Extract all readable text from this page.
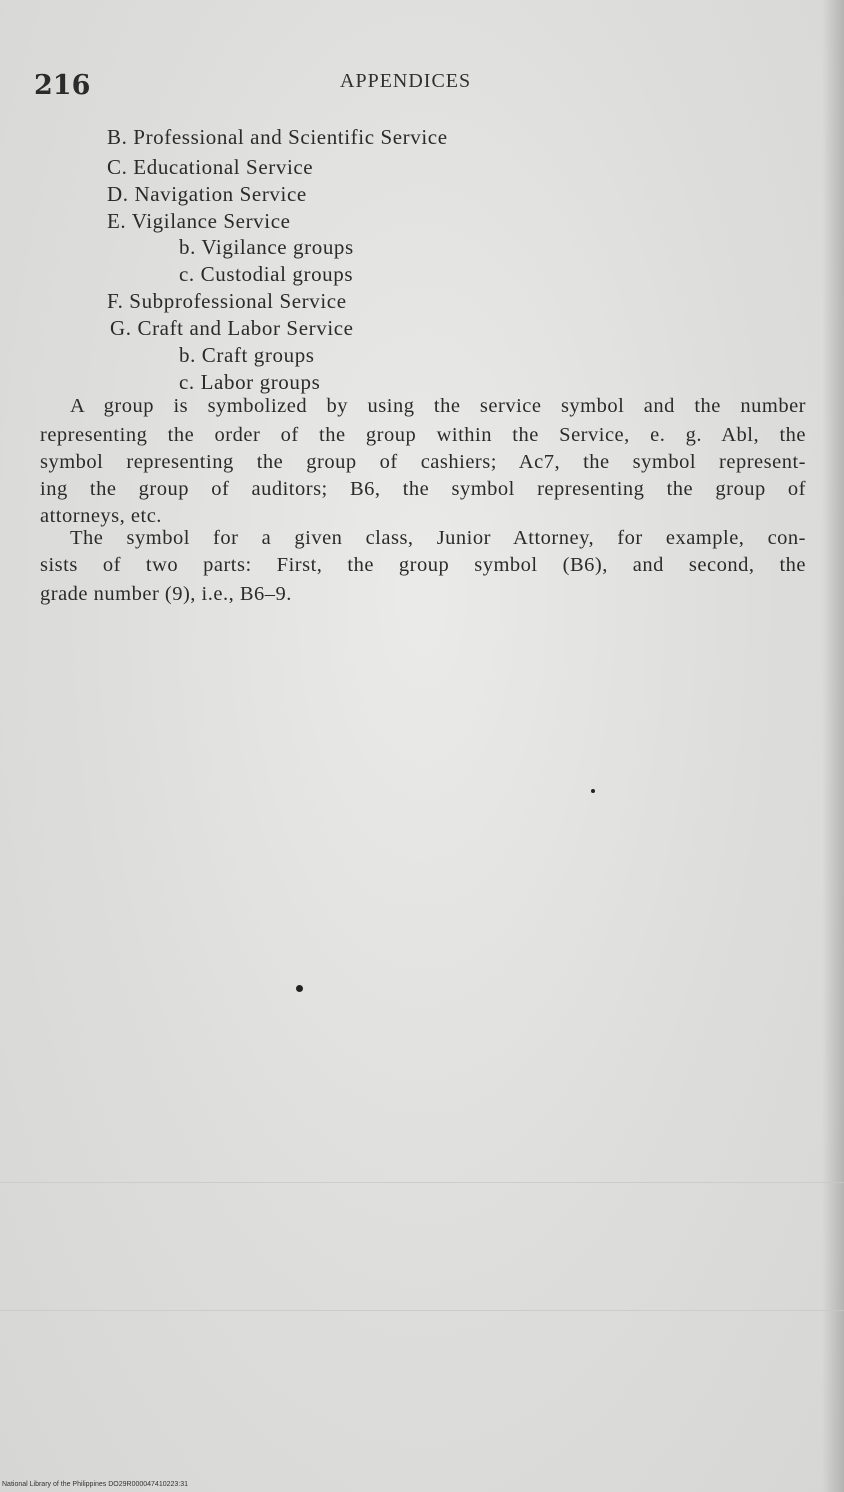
216	APPENDICES
B. Professional and Scientific Service
C. Educational Service
D. Navigation Service
E. Vigilance Service
b. Vigilance groups
c. Custodial groups
F. Subprofessional Service
G. Craft and Labor Service
b. Craft groups
c. Labor groups
A group is symbolized by using the service symbol and the number
representing the order of the group within the Service, e. g. Abl, the
symbol representing the group of cashiers; Ac7, the symbol represent-
ing the group of auditors; B6, the symbol representing the group of
attorneys, etc.
The symbol for a given class, Junior Attorney, for example, con-
sists of two parts: First, the group symbol (B6), and second, the
grade number (9), i.e., B6–9.
National Library of the Philippines DO29R000047410223:31
